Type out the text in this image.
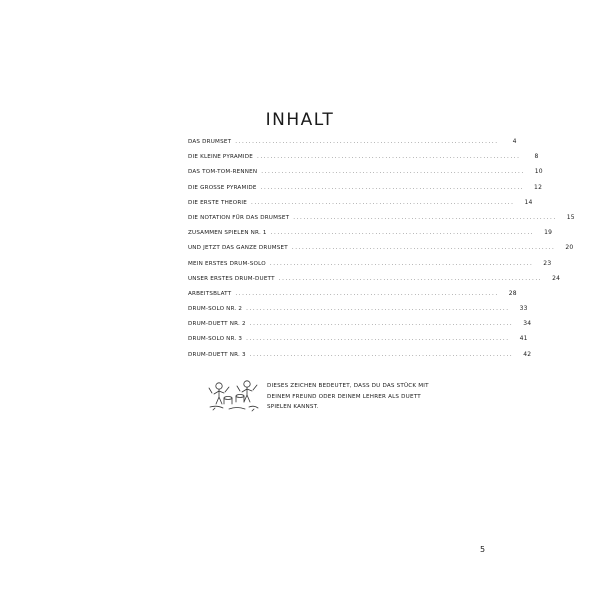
INHALT
DAS DRUMSET ..............................................................................	4
DIE KLEINE PYRAMIDE ..............................................................................	8
DAS TOM-TOM-RENNEN ..............................................................................	10
DIE GROSSE PYRAMIDE ..............................................................................	12
DIE ERSTE THEORIE ..............................................................................	14
DIE NOTATION FÜR DAS DRUMSET ..............................................................................	15
ZUSAMMEN SPIELEN NR. 1 ..............................................................................	19
UND JETZT DAS GANZE DRUMSET ..............................................................................	20
MEIN ERSTES DRUM-SOLO ..............................................................................	23
UNSER ERSTES DRUM-DUETT ..............................................................................	24
ARBEITSBLATT ..............................................................................	28
DRUM-SOLO NR. 2 ..............................................................................	33
DRUM-DUETT NR. 2 ..............................................................................	34
DRUM-SOLO NR. 3 ..............................................................................	41
DRUM-DUETT NR. 3 ..............................................................................	42
DIESES ZEICHEN BEDEUTET, DASS DU DAS STÜCK MIT DEINEM FREUND ODER DEINEM LEHRER ALS DUETT SPIELEN KANNST.
5
